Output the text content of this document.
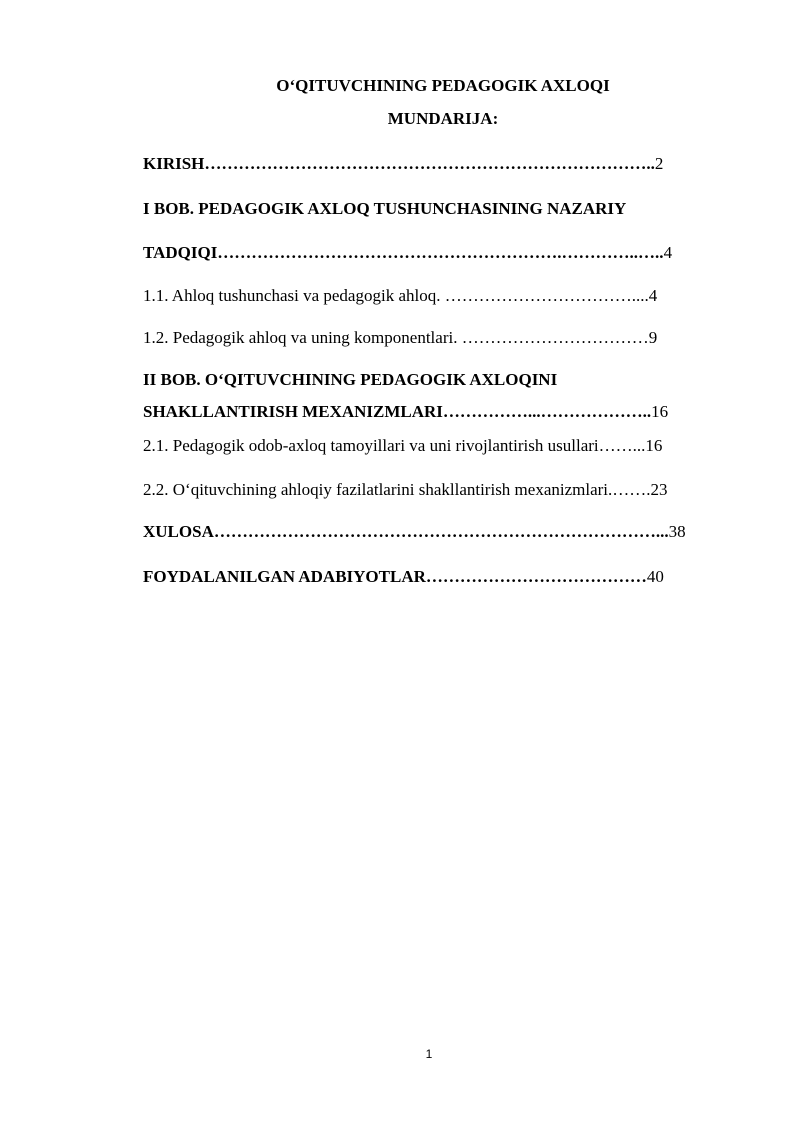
O‘QITUVCHINING PEDAGOGIK AXLOQI
MUNDARIJA:
KIRISH……………………………………………………………………..2
I BOB. PEDAGOGIK AXLOQ TUSHUNCHASINING NAZARIY
TADQIQI…………………………………………………….…………..…..4
1.1. Ahloq tushunchasi va pedagogik ahloq. ……………………………....4
1.2. Pedagogik ahloq va uning komponentlari. ……………………………9
II BOB. O‘QITUVCHINING PEDAGOGIK AXLOQINI
SHAKLLANTIRISH MEXANIZMLARI……………...………………..16
2.1. Pedagogik odob-axloq tamoyillari va uni rivojlantirish usullari……...16
2.2. O‘qituvchining ahloqiy fazilatlarini shakllantirish mexanizmlari.…….23
XULOSA……………………………………………………………………...38
FOYDALANILGAN ADABIYOTLAR…………………………………40
1
